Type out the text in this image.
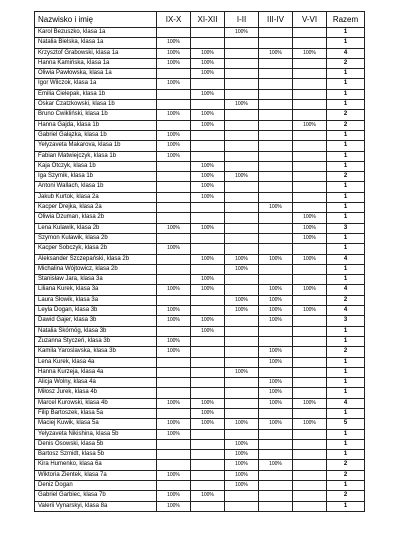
Nazwisko i imię	IX-X	XI-XII	I-II	III-IV	V-VI	Razem
Karol Bezuszko, klasa 1a			100%			1
Natalia Bielska, klasa 1a	100%					1
Krzysztof Grabowski, klasa 1a	100%	100%		100%	100%	4
Hanna Kamińska, klasa 1a	100%	100%				2
Oliwia Pawłowska, klasa 1a		100%				1
Igor Wilczok, klasa 1a	100%					1
Emilia Cielepak, klasa 1b		100%				1
Oskar Czatzkowski, klasa 1b			100%			1
Bruno Ćwikliński, klasa 1b	100%	100%				2
Hanna Gajda, klasa 1b		100%			100%	2
Gabriel Gałązka, klasa 1b	100%					1
Yelyzaveta Makarova, klasa 1b	100%					1
Fabian Matwiejczyk, klasa 1b	100%					1
Kaja Otczyk, klasa 1b		100%				1
Iga Szymik, klasa 1b		100%	100%			2
Antoni Wallach, klasa 1b		100%				1
Jakub Kurtok, klasa 2a		100%				1
Kacper Drejka, klasa 2a				100%		1
Oliwia Dzuman, klasa 2b					100%	1
Lena Kulawik, klasa 2b	100%	100%			100%	3
Szymon Kulawik, klasa 2b					100%	1
Kacper Sobczyk, klasa 2b	100%					1
Aleksander Szczepański, klasa 2b		100%	100%	100%	100%	4
Michalina Wójtowicz, klasa 2b			100%			1
Stanisław Jara, klasa 3a		100%				1
Liliana Kurek, klasa 3a	100%	100%		100%	100%	4
Laura Słowik, klasa 3a			100%	100%		2
Leyla Dogan, klasa 3b	100%		100%	100%	100%	4
Dawid Gajer, klasa 3b	100%	100%		100%		3
Natalia Skórnóg, klasa 3b		100%				1
Zuzanna Styczeń, klasa 3b	100%					1
Kamila Yaroslavska, klasa 3b	100%			100%		2
Lena Kurek, klasa 4a				100%		1
Hanna Kurzeja, klasa 4a			100%			1
Alicja Wolny, klasa 4a				100%		1
Miłosz Jurek, klasa 4b				100%		1
Marcel Kurowski, klasa 4b	100%	100%		100%	100%	4
Filip Bartoszek, klasa 5a		100%				1
Maciej Kuwik, klasa 5a	100%	100%	100%	100%	100%	5
Yelyzaveta Nikishina, klasa 5b	100%					1
Denis Osowski, klasa 5b			100%			1
Bartosz Szmidt, klasa 5b			100%			1
Kira Humenko, klasa 6a			100%	100%		2
Wiktoria Zientek, klasa 7a	100%		100%			2
Deniz Dogan			100%			1
Gabriel Garbiec, klasa 7b	100%	100%				2
Valerii Vynarskyi, klasa 8a	100%					1
